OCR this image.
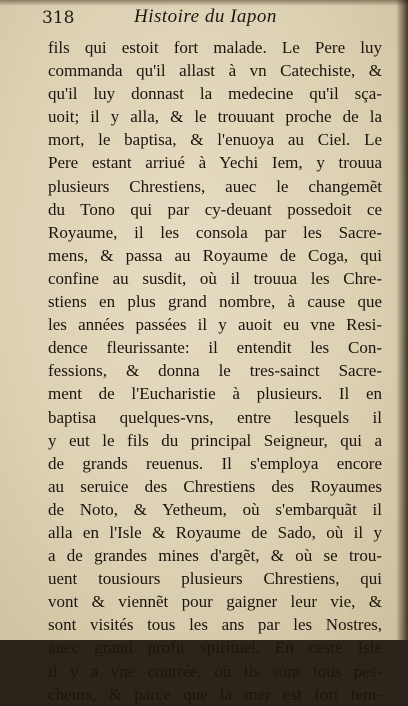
318	Histoire du Iapon
fils qui estoit fort malade. Le Pere luy
commanda qu'il allast à vn Catechiste, &
qu'il luy donnast la medecine qu'il sça-
uoit; il y alla, & le trouuant proche de la
mort, le baptisa, & l'enuoya au Ciel. Le
Pere estant arriué à Yechi Iem, y trouua
plusieurs Chrestiens, auec le changemẽt
du Tono qui par cy-deuant possedoit ce
Royaume, il les consola par les Sacre-
mens, & passa au Royaume de Coga, qui
confine au susdit, où il trouua les Chre-
stiens en plus grand nombre, à cause que
les années passées il y auoit eu vne Resi-
dence fleurissante: il entendit les Con-
fessions, & donna le tres-sainct Sacre-
ment de l'Eucharistie à plusieurs. Il en
baptisa quelques-vns, entre lesquels il
y eut le fils du principal Seigneur, qui a
de grands reuenus. Il s'employa encore
au seruice des Chrestiens des Royaumes
de Noto, & Yetheum, où s'embarquãt il
alla en l'Isle & Royaume de Sado, où il y
a de grandes mines d'argẽt, & où se trou-
uent tousiours plusieurs Chrestiens, qui
vont & viennẽt pour gaigner leur vie, &
sont visités tous les ans par les Nostres,
auec grand profit spirituel. En ceste Isle
il y a vne contrée, où ils sont tous pes-
cheurs, & parce que la mer est fort tem-
